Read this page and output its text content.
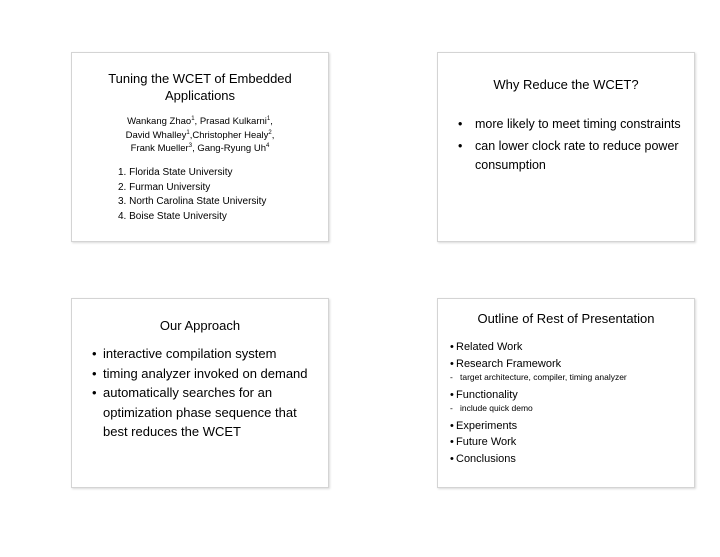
Tuning the WCET of Embedded Applications
Wankang Zhao$^1$, Prasad Kulkarni$^1$,
David Whalley$^1$,Christopher Healy$^2$,
Frank Mueller$^3$, Gang-Ryung Uh$^4$
1. Florida State University
2. Furman University
3. North Carolina State University
4. Boise State University
Why Reduce the WCET?
• more likely to meet timing constraints
• can lower clock rate to reduce power consumption
Our Approach
• interactive compilation system
• timing analyzer invoked on demand
• automatically searches for an optimization phase sequence that best reduces the WCET
Outline of Rest of Presentation
• Related Work
• Research Framework
- target architecture, compiler, timing analyzer
• Functionality
- include quick demo
• Experiments
• Future Work
• Conclusions
